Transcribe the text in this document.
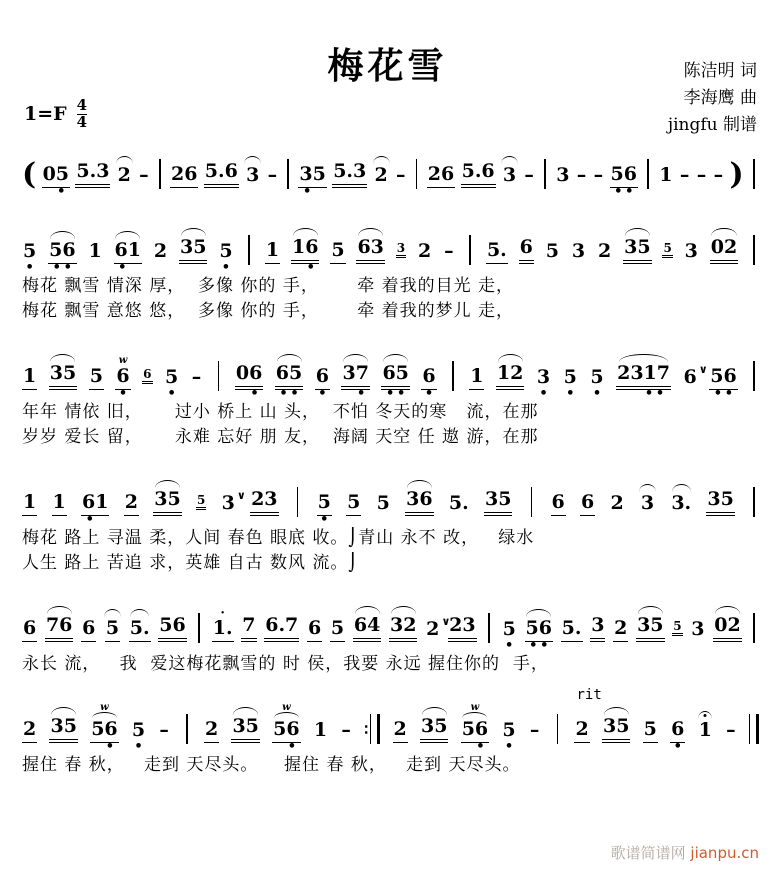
梅花雪	陈洁明 词
李海鹰 曲
jingfu 制谱
$1=F \frac{4}{4}$
( 05

•
5.3 2 – 26 5.6 3 – 35
•

5.3 2 – 26 5.6 3 – 3 – – 56
• •
1 – – – )
5
•
56
• •
1 61
•

2 35 5
•
1 16

•
5 63 3 2 – 5. 6 5 3 2 35 5 3 02
梅花 飘雪 情深 厚，  多像 你的 手，      牵 着我的目光 走，
梅花 飘雪 意悠 悠，  多像 你的 手，      牵 着我的梦儿 走，
1 35 5
w
6
•
6 5
•
– 06

•
65
• •
6
•
37

•
65
• •
6
•
1 12 3
•
5
•
5
•
2317

• •
6 ∨ 56
• •
年年 情依 旧，     过小 桥上 山 头，  不怕 冬天的寒   流，在那
岁岁 爱长 留，     永难 忘好 朋 友，  海阔 天空 任 遨 游，在那
1 1 61
•

2 35 5 3 ∨ 23 5
•
5 5 36 5. 35 6 6 2 3 3. 35
梅花 路上 寻温 柔，人间 春色 眼底 收。⌡青山 永不 改，   绿水
人生 路上 苦追 求，英雄 自古 数风 流。⌡
6 76 6 5 5. 56
·
1. 7 6.7 6 5 64 32 2 ∨
23 5
•
56
• •
5. 3 2 35 5 3 02
永长 流，   我  爱这梅花飘雪的 时 侯，我要 永远 握住你的  手，
2 35
w
56

•
5
•
– 2 35
w
56

•
1 – ∶ 2 35
w
56

•
5
•
–
rit
2 35 5 6
•
1 –
握住 春 秋，   走到 天尽头。    握住 春 秋，   走到 天尽头。
歌谱简谱网 jianpu.cn
